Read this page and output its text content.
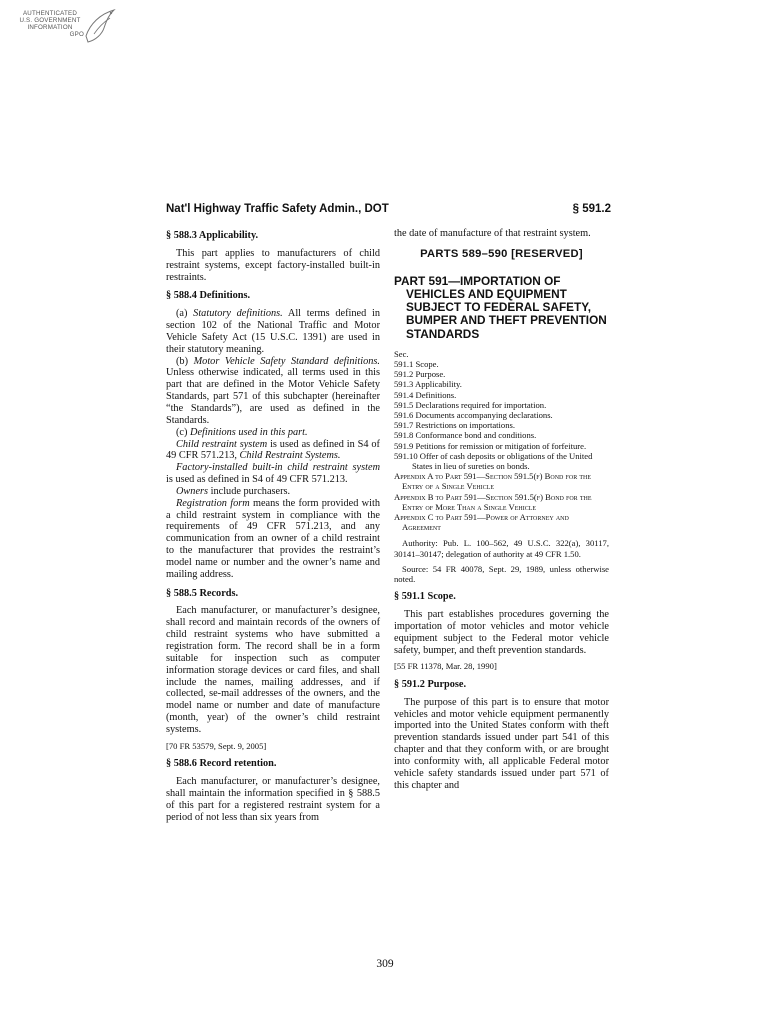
AUTHENTICATED
U.S. GOVERNMENT
INFORMATION

GPO
Nat'l Highway Traffic Safety Admin., DOT	§ 591.2
§ 588.3 Applicability.

This part applies to manufacturers of child restraint systems, except factory-installed built-in restraints.

§ 588.4 Definitions.

(a) Statutory definitions. All terms defined in section 102 of the National Traffic and Motor Vehicle Safety Act (15 U.S.C. 1391) are used in their statutory meaning.

(b) Motor Vehicle Safety Standard definitions. Unless otherwise indicated, all terms used in this part that are defined in the Motor Vehicle Safety Standards, part 571 of this subchapter (hereinafter “the Standards”), are used as defined in the Standards.

(c) Definitions used in this part.

Child restraint system is used as defined in S4 of 49 CFR 571.213, Child Restraint Systems.

Factory-installed built-in child restraint system is used as defined in S4 of 49 CFR 571.213.

Owners include purchasers.

Registration form means the form provided with a child restraint system in compliance with the requirements of 49 CFR 571.213, and any communication from an owner of a child restraint to the manufacturer that provides the restraint’s model name or number and the owner’s name and mailing address.

§ 588.5 Records.

Each manufacturer, or manufacturer’s designee, shall record and maintain records of the owners of child restraint systems who have submitted a registration form. The record shall be in a form suitable for inspection such as computer information storage devices or card files, and shall include the names, mailing addresses, and if collected, se-mail addresses of the owners, and the model name or number and date of manufacture (month, year) of the owner’s child restraint systems.

[70 FR 53579, Sept. 9, 2005]
§ 588.6 Record retention.

Each manufacturer, or manufacturer’s designee, shall maintain the information specified in § 588.5 of this part for a registered restraint system for a period of not less than six years from

the date of manufacture of that restraint system.

PARTS 589–590 [RESERVED]
PART 591—IMPORTATION OF VEHICLES AND EQUIPMENT SUBJECT TO FEDERAL SAFETY, BUMPER AND THEFT PREVENTION STANDARDS
Sec.
591.1 Scope.
591.2 Purpose.
591.3 Applicability.
591.4 Definitions.
591.5 Declarations required for importation.
591.6 Documents accompanying declarations.
591.7 Restrictions on importations.
591.8 Conformance bond and conditions.
591.9 Petitions for remission or mitigation of forfeiture.
591.10 Offer of cash deposits or obligations of the United States in lieu of sureties on bonds.
Appendix A to Part 591—Section 591.5(f) Bond for the Entry of a Single Vehicle
Appendix B to Part 591—Section 591.5(f) Bond for the Entry of More Than a Single Vehicle
Appendix C to Part 591—Power of Attorney and Agreement
Authority: Pub. L. 100–562, 49 U.S.C. 322(a), 30117, 30141–30147; delegation of authority at 49 CFR 1.50.
Source: 54 FR 40078, Sept. 29, 1989, unless otherwise noted.
§ 591.1 Scope.

This part establishes procedures governing the importation of motor vehicles and motor vehicle equipment subject to the Federal motor vehicle safety, bumper, and theft prevention standards.

[55 FR 11378, Mar. 28, 1990]
§ 591.2 Purpose.

The purpose of this part is to ensure that motor vehicles and motor vehicle equipment permanently imported into the United States conform with theft prevention standards issued under part 541 of this chapter and that they conform with, or are brought into conformity with, all applicable Federal motor vehicle safety standards issued under part 571 of this chapter and

309
